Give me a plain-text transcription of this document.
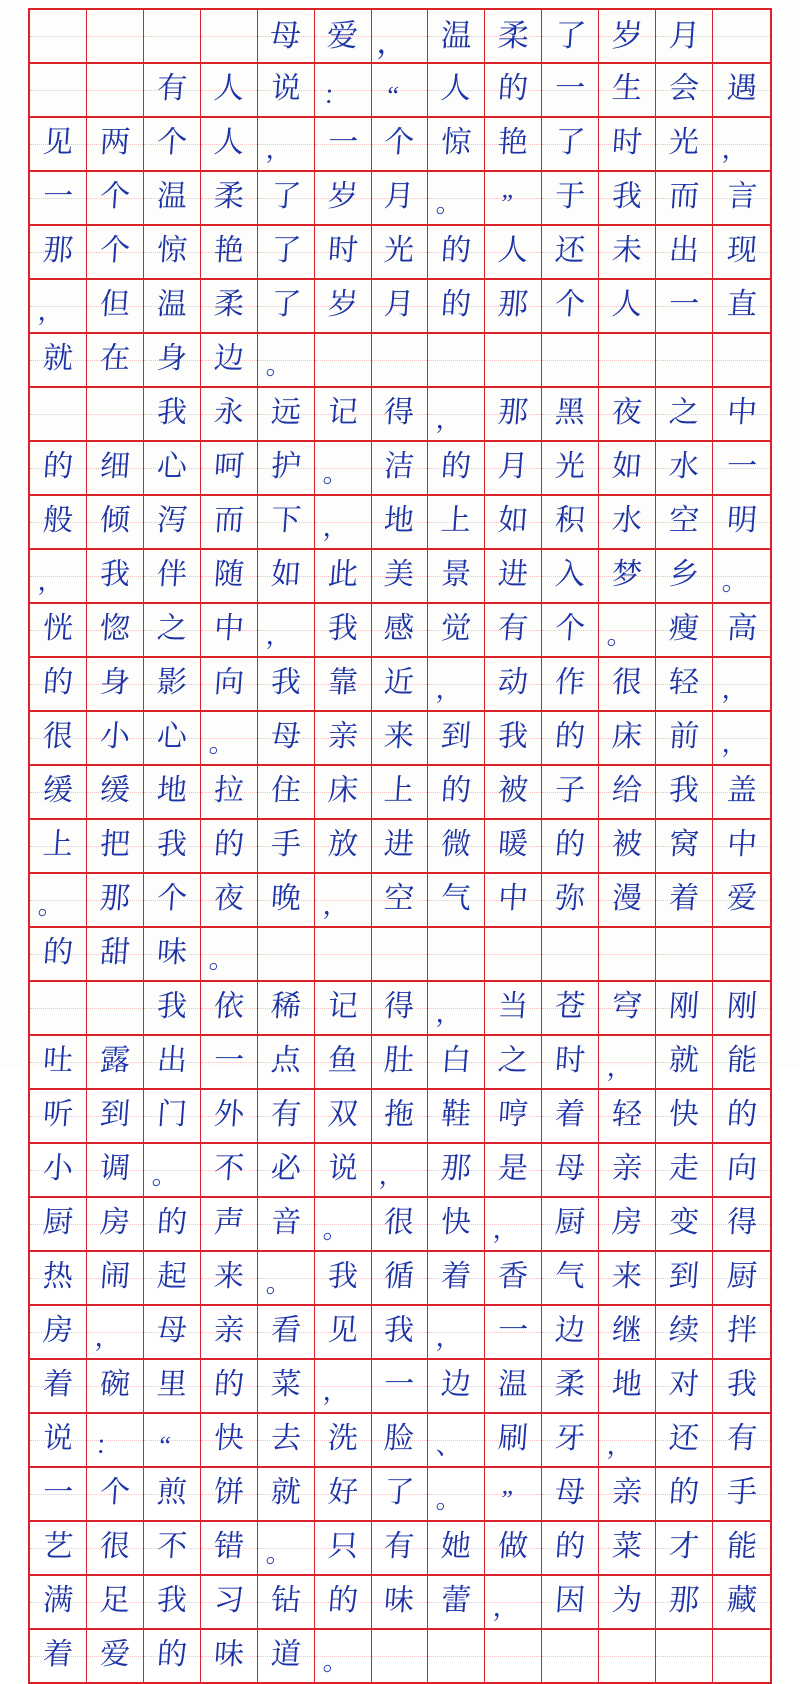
母 爱 ， 温 柔 了 岁 月
有 人 说 ： “ 人 的 一 生 会 遇
见 两 个 人 ， 一 个 惊 艳 了 时 光 ，
一 个 温 柔 了 岁 月 。 ” 于 我 而 言
那 个 惊 艳 了 时 光 的 人 还 未 出 现
， 但 温 柔 了 岁 月 的 那 个 人 一 直
就 在 身 边 。
我 永 远 记 得 ， 那 黑 夜 之 中
的 细 心 呵 护 。 洁 的 月 光 如 水 一
般 倾 泻 而 下 ， 地 上 如 积 水 空 明
， 我 伴 随 如 此 美 景 进 入 梦 乡 。
恍 惚 之 中 ， 我 感 觉 有 个 。 瘦 高
的 身 影 向 我 靠 近 ， 动 作 很 轻 ，
很 小 心 。 母 亲 来 到 我 的 床 前 ，
缓 缓 地 拉 住 床 上 的 被 子 给 我 盖
上 把 我 的 手 放 进 微 暖 的 被 窝 中
。 那 个 夜 晚 ， 空 气 中 弥 漫 着 爱
的 甜 味 。
我 依 稀 记 得 ， 当 苍 穹 刚 刚
吐 露 出 一 点 鱼 肚 白 之 时 ， 就 能
听 到 门 外 有 双 拖 鞋 哼 着 轻 快 的
小 调 。 不 必 说 ， 那 是 母 亲 走 向
厨 房 的 声 音 。 很 快 ， 厨 房 变 得
热 闹 起 来 。 我 循 着 香 气 来 到 厨
房 ， 母 亲 看 见 我 ， 一 边 继 续 拌
着 碗 里 的 菜 ， 一 边 温 柔 地 对 我
说 ： “ 快 去 洗 脸 、 刷 牙 ， 还 有
一 个 煎 饼 就 好 了 。 ” 母 亲 的 手
艺 很 不 错 。 只 有 她 做 的 菜 才 能
满 足 我 习 钻 的 味 蕾 ， 因 为 那 藏
着 爱 的 味 道 。
